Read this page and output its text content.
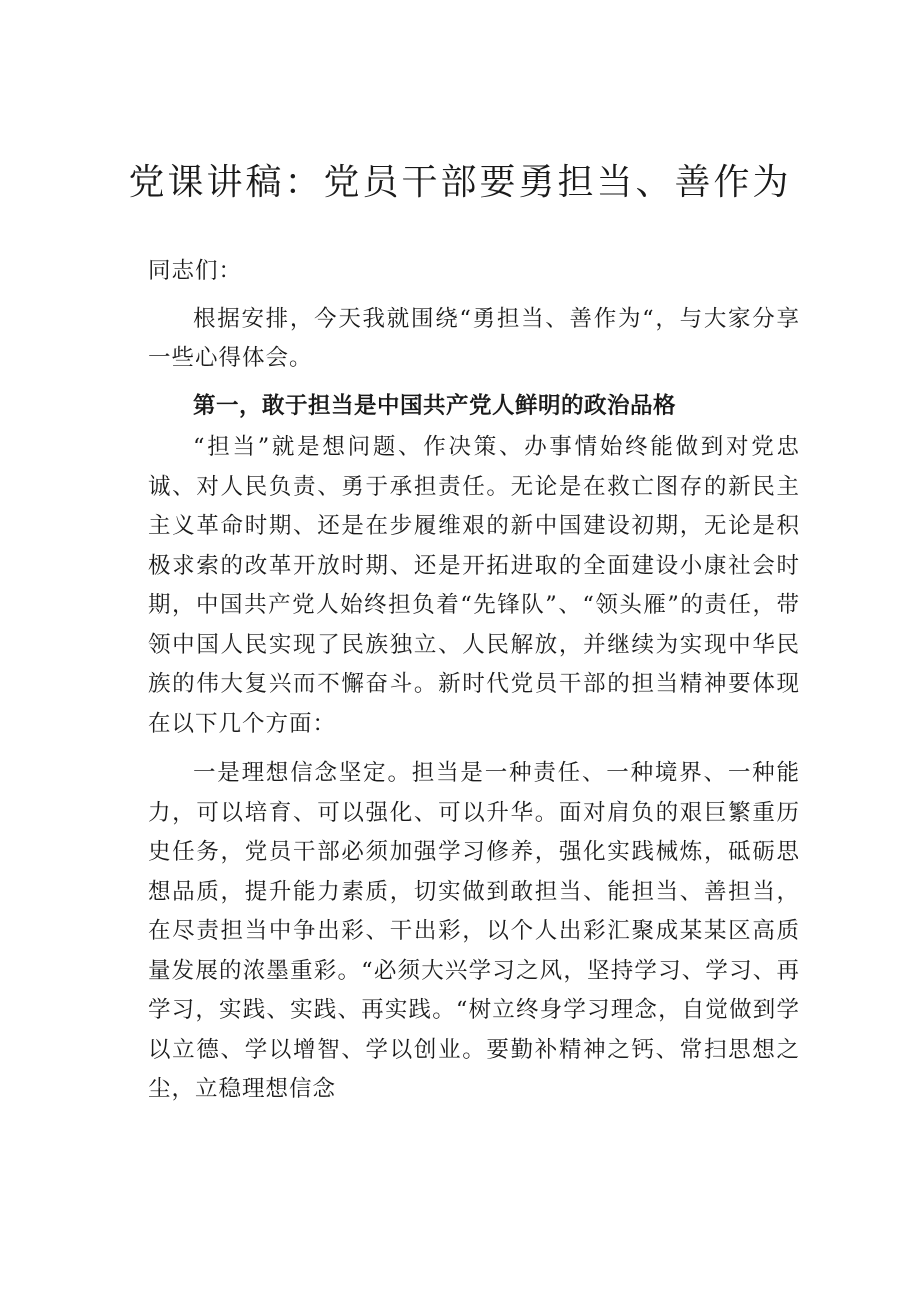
党课讲稿：党员干部要勇担当、善作为

同志们：

根据安排，今天我就围绕“勇担当、善作为“，与大家分享一些心得体会。

第一，敢于担当是中国共产党人鲜明的政治品格

“担当”就是想问题、作决策、办事情始终能做到对党忠诚、对人民负责、勇于承担责任。无论是在救亡图存的新民主主义革命时期、还是在步履维艰的新中国建设初期，无论是积极求索的改革开放时期、还是开拓进取的全面建设小康社会时期，中国共产党人始终担负着“先锋队”、“领头雁”的责任，带领中国人民实现了民族独立、人民解放，并继续为实现中华民族的伟大复兴而不懈奋斗。新时代党员干部的担当精神要体现在以下几个方面：

一是理想信念坚定。担当是一种责任、一种境界、一种能力，可以培育、可以强化、可以升华。面对肩负的艰巨繁重历史任务，党员干部必须加强学习修养，强化实践械炼，砥砺思想品质，提升能力素质，切实做到敢担当、能担当、善担当，在尽责担当中争出彩、干出彩，以个人出彩汇聚成某某区高质量发展的浓墨重彩。“必须大兴学习之风，坚持学习、学习、再学习，实践、实践、再实践。“树立终身学习理念，自觉做到学以立德、学以增智、学以创业。要勤补精神之钙、常扫思想之尘，立稳理想信念
